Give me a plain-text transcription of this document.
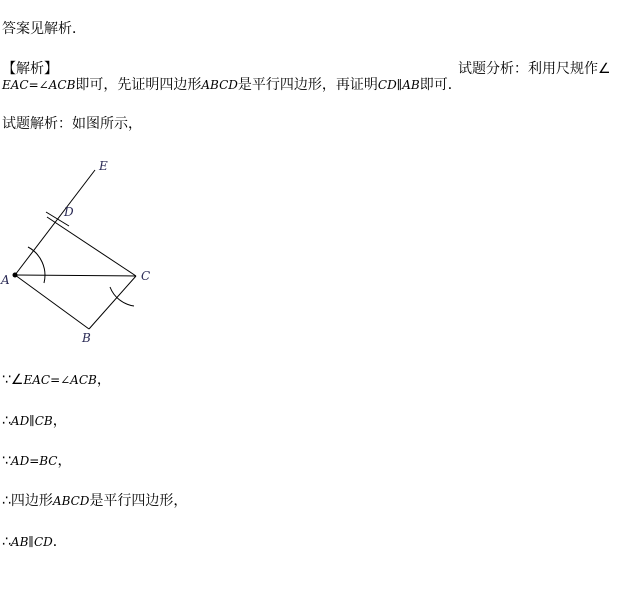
答案见解析．
【解析】	试题分析：利用尺规作∠
EAC=∠ACB即可，先证明四边形ABCD是平行四边形，再证明CD∥AB即可．
试题解析：如图所示，
E
D
A	C
B
∵∠EAC=∠ACB，
∴AD∥CB，
∵AD=BC，
∴四边形ABCD是平行四边形，
∴AB∥CD．
